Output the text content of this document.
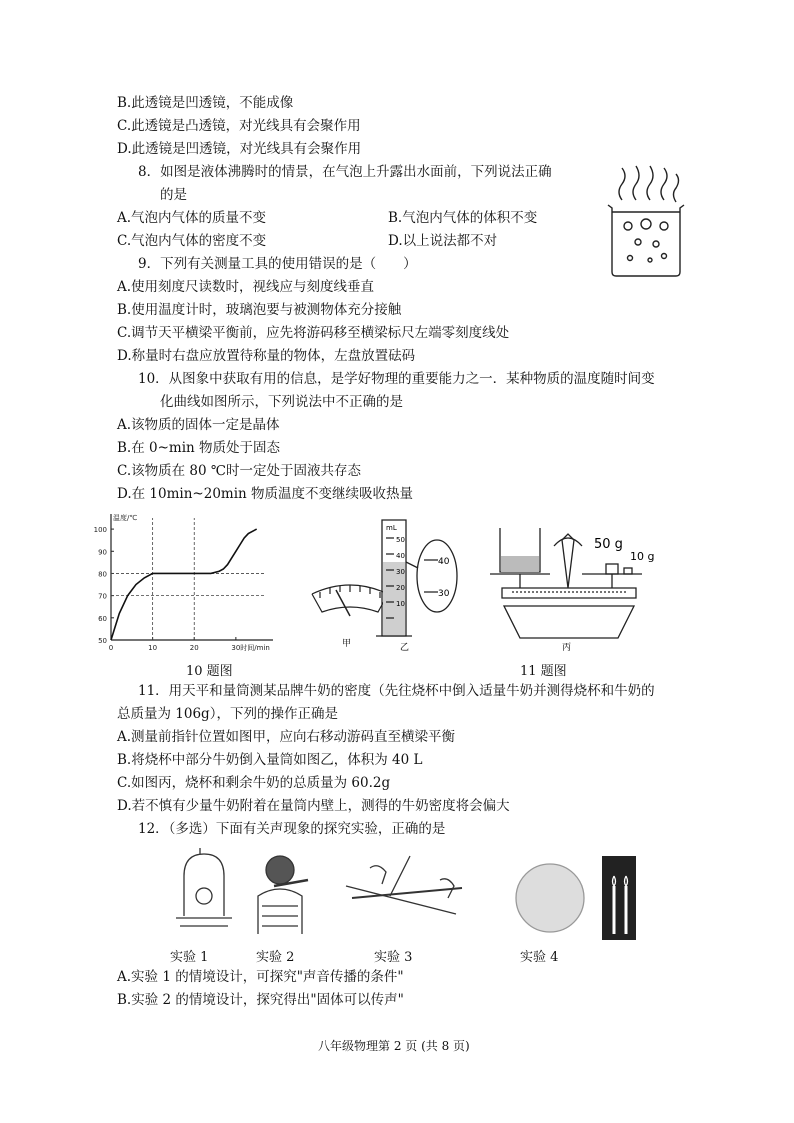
B.此透镜是凹透镜，不能成像
C.此透镜是凸透镜，对光线具有会聚作用
D.此透镜是凹透镜，对光线具有会聚作用
8．如图是液体沸腾时的情景，在气泡上升露出水面前，下列说法正确
的是
A.气泡内气体的质量不变	B.气泡内气体的体积不变
C.气泡内气体的密度不变	D.以上说法都不对
9．下列有关测量工具的使用错误的是（　　）
A.使用刻度尺读数时，视线应与刻度线垂直
B.使用温度计时，玻璃泡要与被测物体充分接触
C.调节天平横梁平衡前，应先将游码移至横梁标尺左端零刻度线处
D.称量时右盘应放置待称量的物体，左盘放置砝码
10．从图象中获取有用的信息，是学好物理的重要能力之一．某种物质的温度随时间变
化曲线如图所示，下列说法中不正确的是
A.该物质的固体一定是晶体
B.在 0~min 物质处于固态
C.该物质在 80 ℃时一定处于固液共存态
D.在 10min~20min 物质温度不变继续吸收热量
50
60
70
80
90
100
0	10	20	30
温度/℃
时间/min	甲
mL
50
40
30
20
10
40
30
乙
50 g
10 g
丙
10 题图	11 题图
11．用天平和量筒测某品牌牛奶的密度（先往烧杯中倒入适量牛奶并测得烧杯和牛奶的
总质量为 106g），下列的操作正确是
A.测量前指针位置如图甲，应向右移动游码直至横梁平衡
B.将烧杯中部分牛奶倒入量筒如图乙，体积为 40 L
C.如图丙，烧杯和剩余牛奶的总质量为 60.2g
D.若不慎有少量牛奶附着在量筒内壁上，测得的牛奶密度将会偏大
12．（多选）下面有关声现象的探究实验，正确的是
实验 1	实验 2	实验 3	实验 4
A.实验 1 的情境设计，可探究"声音传播的条件"
B.实验 2 的情境设计，探究得出"固体可以传声"
八年级物理第 2 页 (共 8 页)
